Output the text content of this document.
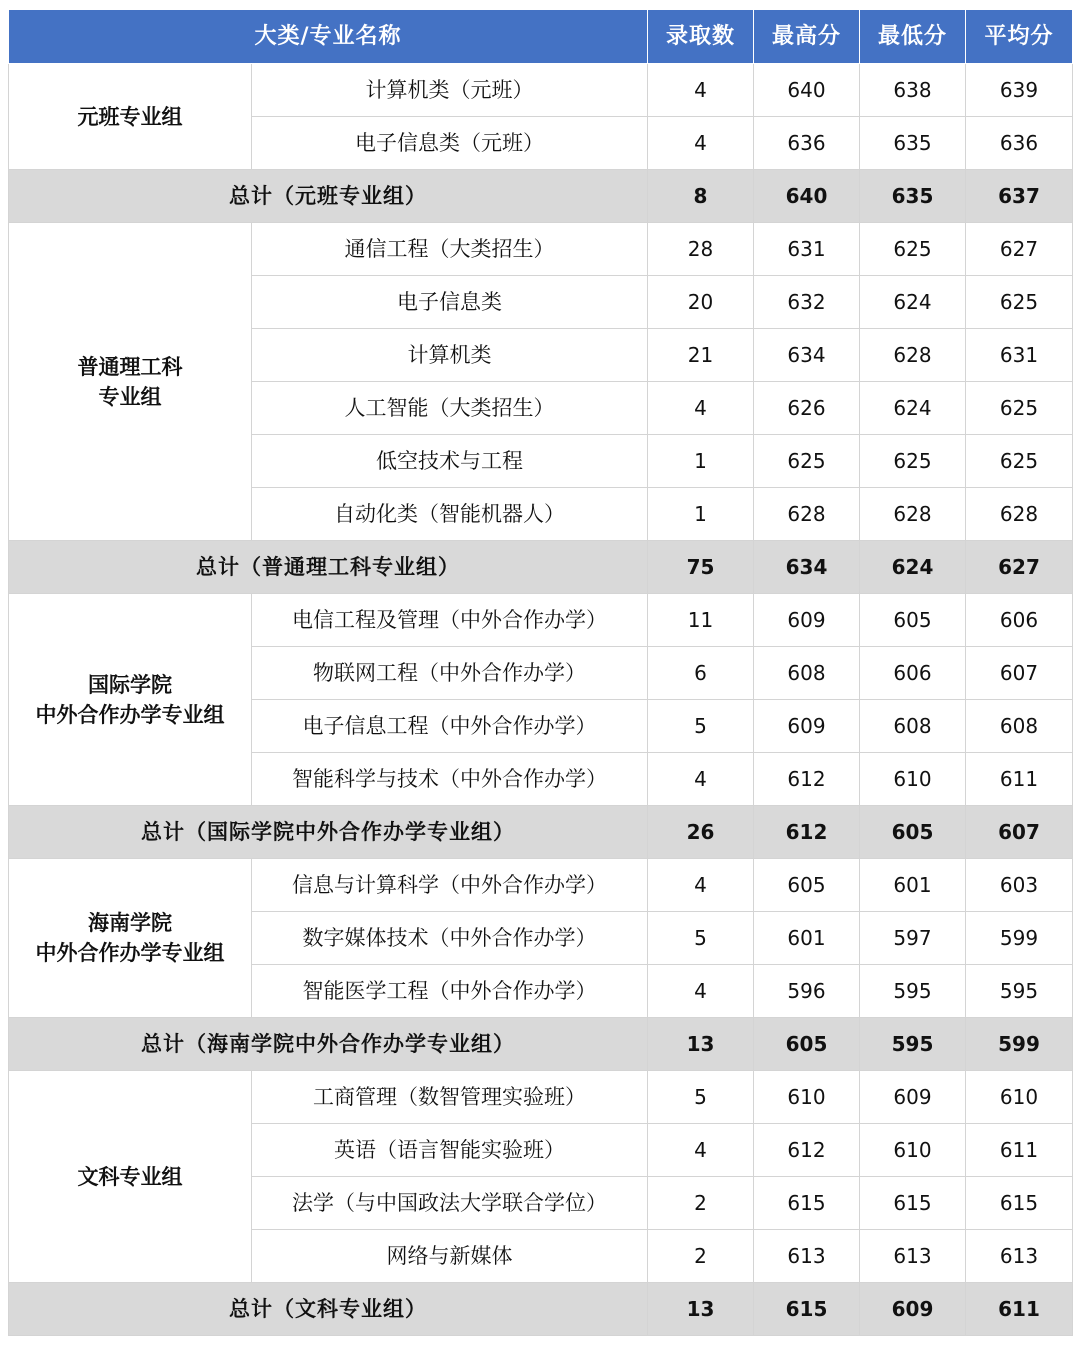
大类/专业名称		录取数	最高分	最低分	平均分

元班专业组	计算机类（元班）	4	640	638	639
	电子信息类（元班）	4	636	635	636
总计（元班专业组）		8	640	635	637

普通理工科
专业组	通信工程（大类招生）	28	631	625	627
	电子信息类	20	632	624	625
	计算机类	21	634	628	631
	人工智能（大类招生）	4	626	624	625
	低空技术与工程	1	625	625	625
	自动化类（智能机器人）	1	628	628	628
总计（普通理工科专业组）		75	634	624	627

国际学院
中外合作办学专业组	电信工程及管理（中外合作办学）	11	609	605	606
	物联网工程（中外合作办学）	6	608	606	607
	电子信息工程（中外合作办学）	5	609	608	608
	智能科学与技术（中外合作办学）	4	612	610	611
总计（国际学院中外合作办学专业组）		26	612	605	607

海南学院
中外合作办学专业组	信息与计算科学（中外合作办学）	4	605	601	603
	数字媒体技术（中外合作办学）	5	601	597	599
	智能医学工程（中外合作办学）	4	596	595	595
总计（海南学院中外合作办学专业组）		13	605	595	599

文科专业组	工商管理（数智管理实验班）	5	610	609	610
	英语（语言智能实验班）	4	612	610	611
	法学（与中国政法大学联合学位）	2	615	615	615
	网络与新媒体	2	613	613	613
总计（文科专业组）		13	615	609	611
